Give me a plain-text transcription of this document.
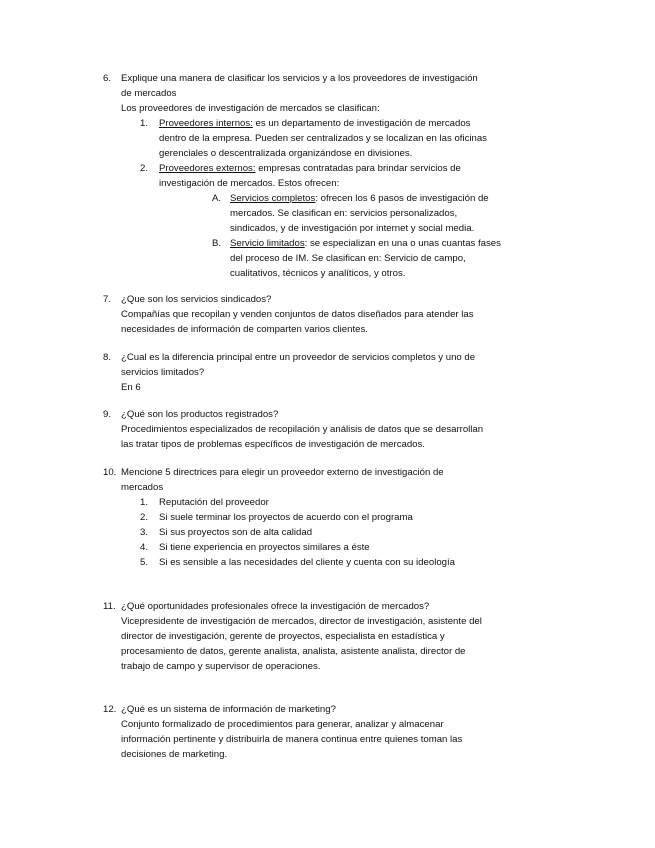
6.	Explique una manera de clasificar los servicios y a los proveedores de investigación
de mercados
Los proveedores de investigación de mercados se clasifican:
1.	Proveedores internos: es un departamento de investigación de mercados
dentro de la empresa. Pueden ser centralizados y se localizan en las oficinas
gerenciales o descentralizada organizándose en divisiones.
2.	Proveedores externos: empresas contratadas para brindar servicios de
investigación de mercados. Estos ofrecen:
A. Servicios completos: ofrecen los 6 pasos de investigación de
mercados. Se clasifican en: servicios personalizados,
sindicados, y de investigación por internet y social media.
B. Servicio limitados: se especializan en una o unas cuantas fases
del proceso de IM. Se clasifican en: Servicio de campo,
cualitativos, técnicos y analíticos, y otros.
7.	¿Que son los servicios sindicados?
Compañías que recopilan y venden conjuntos de datos diseñados para atender las
necesidades de información de comparten varios clientes.
8.	¿Cual es la diferencia principal entre un proveedor de servicios completos y uno de
servicios limitados?
En 6
9.	¿Qué son los productos registrados?
Procedimientos especializados de recopilación y análisis de datos que se desarrollan
las tratar tipos de problemas específicos de investigación de mercados.
10. Mencione 5 directrices para elegir un proveedor externo de investigación de
mercados
1.	Reputación del proveedor
2.	Si suele terminar los proyectos de acuerdo con el programa
3.	Si sus proyectos son de alta calidad
4.	Si tiene experiencia en proyectos similares a éste
5.	Si es sensible a las necesidades del cliente y cuenta con su ideología
11. ¿Qué oportunidades profesionales ofrece la investigación de mercados?
Vicepresidente de investigación de mercados, director de investigación, asistente del
director de investigación, gerente de proyectos, especialista en estadística y
procesamiento de datos, gerente analista, analista, asistente analista, director de
trabajo de campo y supervisor de operaciones.
12. ¿Qué es un sistema de información de marketing?
Conjunto formalizado de procedimientos para generar, analizar y almacenar
información pertinente y distribuirla de manera continua entre quienes toman las
decisiones de marketing.
